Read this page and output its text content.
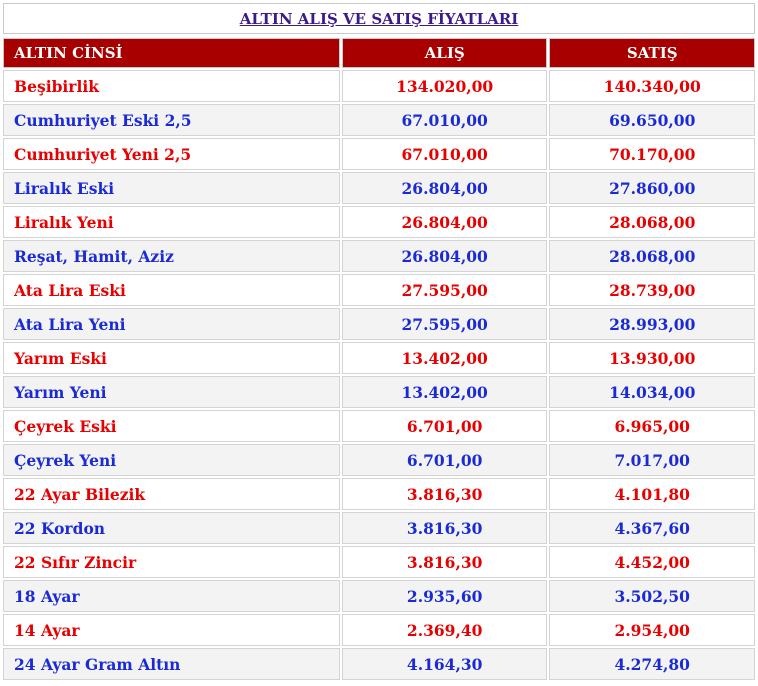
ALTIN ALIŞ VE SATIŞ FİYATLARI
ALTIN CİNSİ	ALIŞ	SATIŞ
Beşibirlik	134.020,00	140.340,00
Cumhuriyet Eski 2,5	67.010,00	69.650,00
Cumhuriyet Yeni 2,5	67.010,00	70.170,00
Liralık Eski	26.804,00	27.860,00
Liralık Yeni	26.804,00	28.068,00
Reşat, Hamit, Aziz	26.804,00	28.068,00
Ata Lira Eski	27.595,00	28.739,00
Ata Lira Yeni	27.595,00	28.993,00
Yarım Eski	13.402,00	13.930,00
Yarım Yeni	13.402,00	14.034,00
Çeyrek Eski	6.701,00	6.965,00
Çeyrek Yeni	6.701,00	7.017,00
22 Ayar Bilezik	3.816,30	4.101,80
22 Kordon	3.816,30	4.367,60
22 Sıfır Zincir	3.816,30	4.452,00
18 Ayar	2.935,60	3.502,50
14 Ayar	2.369,40	2.954,00
24 Ayar Gram Altın	4.164,30	4.274,80
